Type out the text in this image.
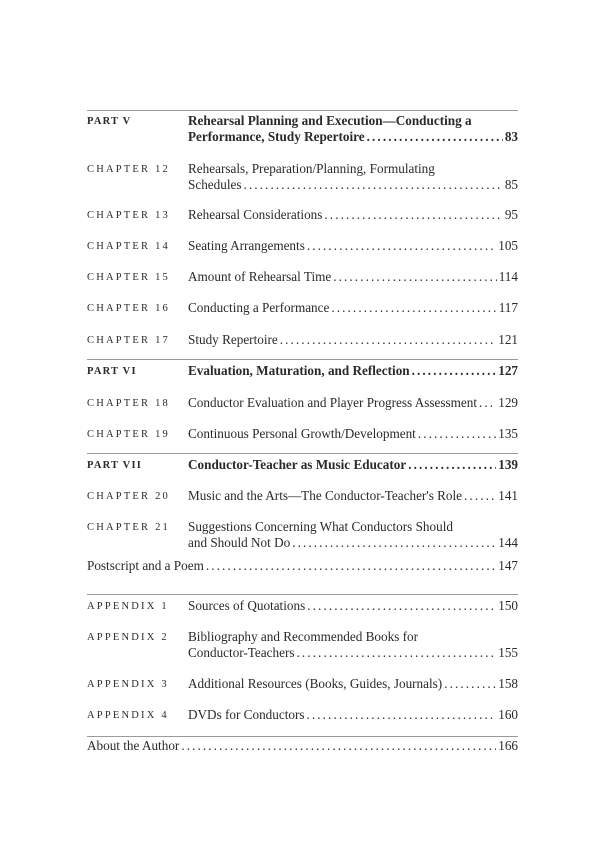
PART V	Rehearsal Planning and Execution—Conducting a
Performance, Study Repertoire . . .	83
CHAPTER 12 Rehearsals, Preparation/Planning, Formulating
Schedules . . .	85
CHAPTER 13 Rehearsal Considerations . . .	95
CHAPTER 14 Seating Arrangements . . .	105
CHAPTER 15 Amount of Rehearsal Time . . .	114
CHAPTER 16 Conducting a Performance . . .	117
CHAPTER 17 Study Repertoire . . .	121
PART VI	Evaluation, Maturation, and Reflection . . .	127
CHAPTER 18 Conductor Evaluation and Player Progress Assessment . . . 129
CHAPTER 19 Continuous Personal Growth/Development . . .	135
PART VII	Conductor-Teacher as Music Educator . . .	139
CHAPTER 20 Music and the Arts—The Conductor-Teacher's Role . . .	141
CHAPTER 21 Suggestions Concerning What Conductors Should
and Should Not Do . . .	144
Postscript and a Poem . . .	147
APPENDIX 1 Sources of Quotations . . .	150
APPENDIX 2 Bibliography and Recommended Books for
Conductor-Teachers . . .	155
APPENDIX 3 Additional Resources (Books, Guides, Journals) . . .	158
APPENDIX 4 DVDs for Conductors . . .	160
About the Author . . .	166
